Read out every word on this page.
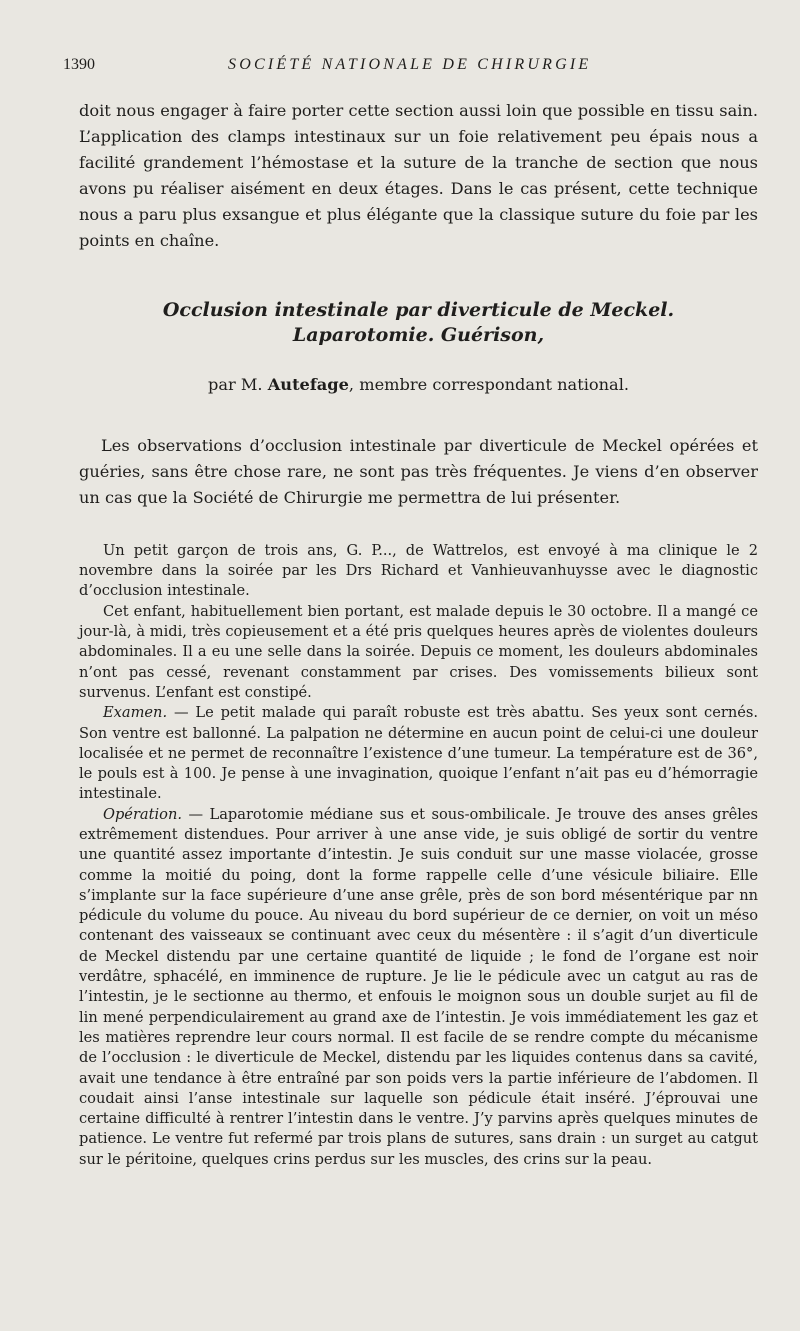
1390	SOCIÉTÉ NATIONALE DE CHIRURGIE

doit nous engager à faire porter cette section aussi loin que possible en tissu sain. L’application des clamps intestinaux sur un foie relativement peu épais nous a facilité grandement l’hémostase et la suture de la tranche de section que nous avons pu réaliser aisément en deux étages. Dans le cas présent, cette technique nous a paru plus exsangue et plus élégante que la classique suture du foie par les points en chaîne.

Occlusion intestinale par diverticule de Meckel.
Laparotomie. Guérison,

par M. Autefage, membre correspondant national.

Les observations d’occlusion intestinale par diverticule de Meckel opérées et guéries, sans être chose rare, ne sont pas très fréquentes. Je viens d’en observer un cas que la Société de Chirurgie me permettra de lui présenter.

Un petit garçon de trois ans, G. P..., de Wattrelos, est envoyé à ma clinique le 2 novembre dans la soirée par les Drs Richard et Vanhieuvanhuysse avec le diagnostic d’occlusion intestinale.

Cet enfant, habituellement bien portant, est malade depuis le 30 octobre. Il a mangé ce jour-là, à midi, très copieusement et a été pris quelques heures après de violentes douleurs abdominales. Il a eu une selle dans la soirée. Depuis ce moment, les douleurs abdominales n’ont pas cessé, revenant constamment par crises. Des vomissements bilieux sont survenus. L’enfant est constipé.

Examen. — Le petit malade qui paraît robuste est très abattu. Ses yeux sont cernés. Son ventre est ballonné. La palpation ne détermine en aucun point de celui-ci une douleur localisée et ne permet de reconnaître l’existence d’une tumeur. La température est de 36°, le pouls est à 100. Je pense à une invagination, quoique l’enfant n’ait pas eu d’hémorragie intestinale.

Opération. — Laparotomie médiane sus et sous-ombilicale. Je trouve des anses grêles extrêmement distendues. Pour arriver à une anse vide, je suis obligé de sortir du ventre une quantité assez importante d’intestin. Je suis conduit sur une masse violacée, grosse comme la moitié du poing, dont la forme rappelle celle d’une vésicule biliaire. Elle s’implante sur la face supérieure d’une anse grêle, près de son bord mésentérique par nn pédicule du volume du pouce. Au niveau du bord supérieur de ce dernier, on voit un méso contenant des vaisseaux se continuant avec ceux du mésentère : il s’agit d’un diverticule de Meckel distendu par une certaine quantité de liquide ; le fond de l’organe est noir verdâtre, sphacélé, en imminence de rupture. Je lie le pédicule avec un catgut au ras de l’intestin, je le sectionne au thermo, et enfouis le moignon sous un double surjet au fil de lin mené perpendiculairement au grand axe de l’intestin. Je vois immédiatement les gaz et les matières reprendre leur cours normal. Il est facile de se rendre compte du mécanisme de l’occlusion : le diverticule de Meckel, distendu par les liquides contenus dans sa cavité, avait une tendance à être entraîné par son poids vers la partie inférieure de l’abdomen. Il coudait ainsi l’anse intestinale sur laquelle son pédicule était inséré. J’éprouvai une certaine difficulté à rentrer l’intestin dans le ventre. J’y parvins après quelques minutes de patience. Le ventre fut refermé par trois plans de sutures, sans drain : un surget au catgut sur le péritoine, quelques crins perdus sur les muscles, des crins sur la peau.
